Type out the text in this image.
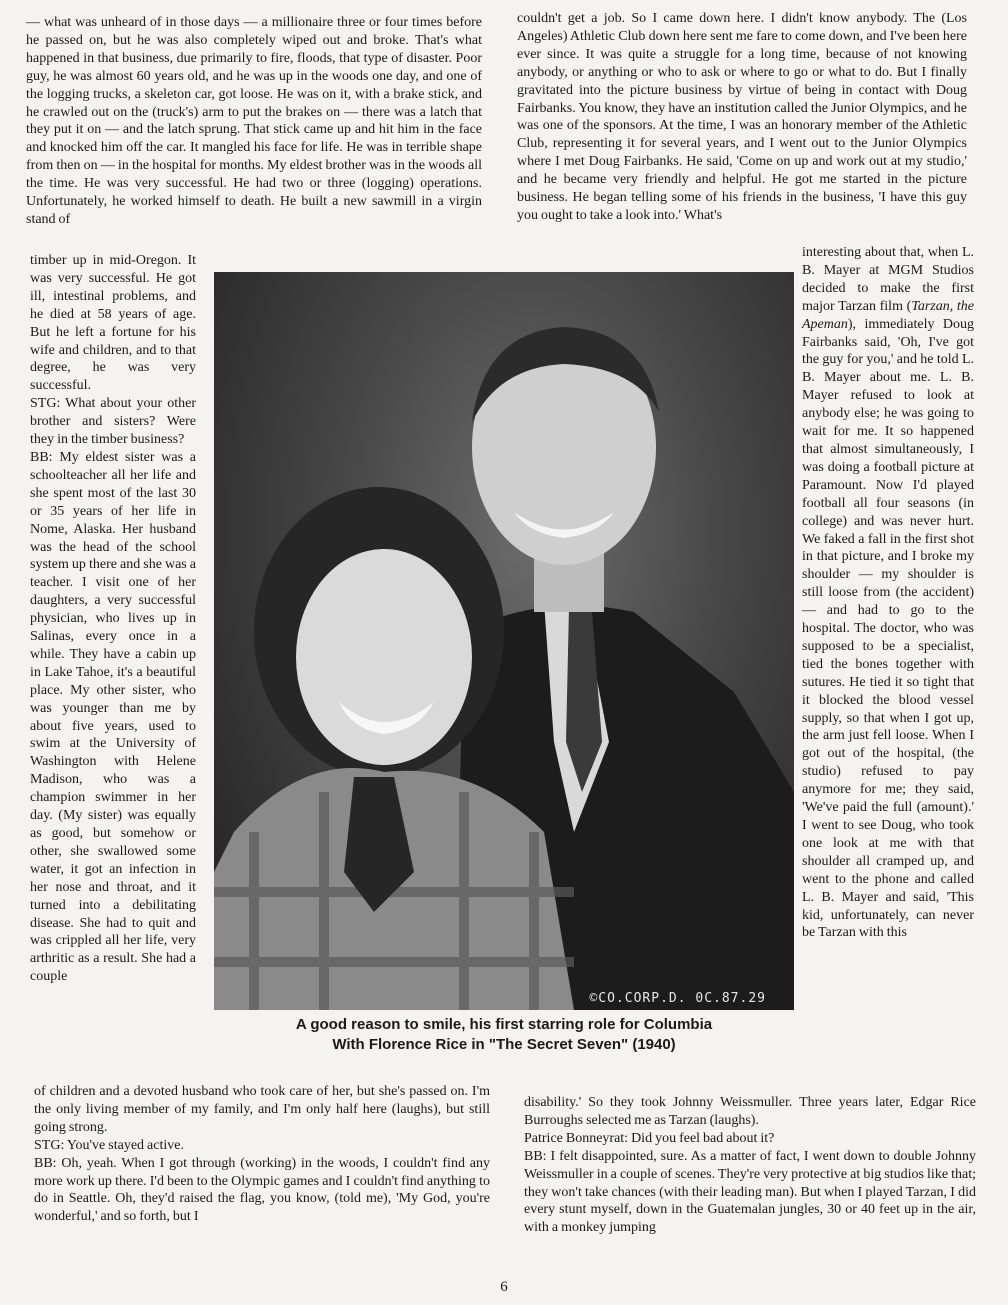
— what was unheard of in those days — a millionaire three or four times before he passed on, but he was also completely wiped out and broke. That's what happened in that business, due primarily to fire, floods, that type of disaster. Poor guy, he was almost 60 years old, and he was up in the woods one day, and one of the logging trucks, a skeleton car, got loose. He was on it, with a brake stick, and he crawled out on the (truck's) arm to put the brakes on — there was a latch that they put it on — and the latch sprung. That stick came up and hit him in the face and knocked him off the car. It mangled his face for life. He was in terrible shape from then on — in the hospital for months. My eldest brother was in the woods all the time. He was very successful. He had two or three (logging) operations. Unfortunately, he worked himself to death. He built a new sawmill in a virgin stand of

timber up in mid-Oregon. It was very successful. He got ill, intestinal problems, and he died at 58 years of age. But he left a fortune for his wife and children, and to that degree, he was very successful.

STG: What about your other brother and sisters? Were they in the timber business?

BB: My eldest sister was a schoolteacher all her life and she spent most of the last 30 or 35 years of her life in Nome, Alaska. Her husband was the head of the school system up there and she was a teacher. I visit one of her daughters, a very successful physician, who lives up in Salinas, every once in a while. They have a cabin up in Lake Tahoe, it's a beautiful place. My other sister, who was younger than me by about five years, used to swim at the University of Washington with Helene Madison, who was a champion swimmer in her day. (My sister) was equally as good, but somehow or other, she swallowed some water, it got an infection in her nose and throat, and it turned into a debilitating disease. She had to quit and was crippled all her life, very arthritic as a result. She had a couple

©CO.CORP.D. 0C.87.29
A good reason to smile, his first starring role for Columbia
With Florence Rice in "The Secret Seven" (1940)

of children and a devoted husband who took care of her, but she's passed on. I'm the only living member of my family, and I'm only half here (laughs), but still going strong.

STG: You've stayed active.

BB: Oh, yeah. When I got through (working) in the woods, I couldn't find any more work up there. I'd been to the Olympic games and I couldn't find anything to do in Seattle. Oh, they'd raised the flag, you know, (told me), 'My God, you're wonderful,' and so forth, but I

couldn't get a job. So I came down here. I didn't know anybody. The (Los Angeles) Athletic Club down here sent me fare to come down, and I've been here ever since. It was quite a struggle for a long time, because of not knowing anybody, or anything or who to ask or where to go or what to do. But I finally gravitated into the picture business by virtue of being in contact with Doug Fairbanks. You know, they have an institution called the Junior Olympics, and he was one of the sponsors. At the time, I was an honorary member of the Athletic Club, representing it for several years, and I went out to the Junior Olympics where I met Doug Fairbanks. He said, 'Come on up and work out at my studio,' and he became very friendly and helpful. He got me started in the picture business. He began telling some of his friends in the business, 'I have this guy you ought to take a look into.' What's

interesting about that, when L. B. Mayer at MGM Studios decided to make the first major Tarzan film (Tarzan, the Apeman), immediately Doug Fairbanks said, 'Oh, I've got the guy for you,' and he told L. B. Mayer about me. L. B. Mayer refused to look at anybody else; he was going to wait for me. It so happened that almost simultaneously, I was doing a football picture at Paramount. Now I'd played football all four seasons (in college) and was never hurt. We faked a fall in the first shot in that picture, and I broke my shoulder — my shoulder is still loose from (the accident) — and had to go to the hospital. The doctor, who was supposed to be a specialist, tied the bones together with sutures. He tied it so tight that it blocked the blood vessel supply, so that when I got up, the arm just fell loose. When I got out of the hospital, (the studio) refused to pay anymore for me; they said, 'We've paid the full (amount).' I went to see Doug, who took one look at me with that shoulder all cramped up, and went to the phone and called L. B. Mayer and said, 'This kid, unfortunately, can never be Tarzan with this

disability.' So they took Johnny Weissmuller. Three years later, Edgar Rice Burroughs selected me as Tarzan (laughs).

Patrice Bonneyrat: Did you feel bad about it?

BB: I felt disappointed, sure. As a matter of fact, I went down to double Johnny Weissmuller in a couple of scenes. They're very protective at big studios like that; they won't take chances (with their leading man). But when I played Tarzan, I did every stunt myself, down in the Guatemalan jungles, 30 or 40 feet up in the air, with a monkey jumping

6
